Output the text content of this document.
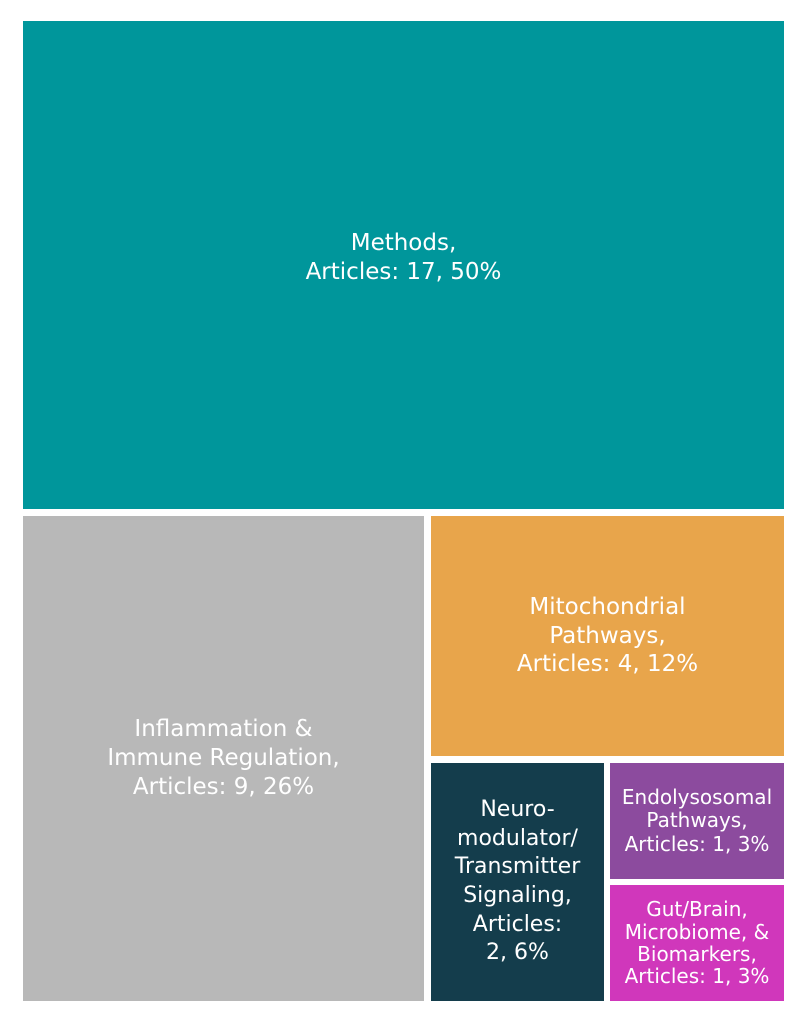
Methods,
Articles: 17, 50%
Inflammation &
Immune Regulation,
Articles: 9, 26%
Mitochondrial
Pathways,
Articles: 4, 12%
Neuro-
modulator/
Transmitter
Signaling,
Articles:
2, 6%
Endolysosomal
Pathways,
Articles: 1, 3%
Gut/Brain,
Microbiome, &
Biomarkers,
Articles: 1, 3%
